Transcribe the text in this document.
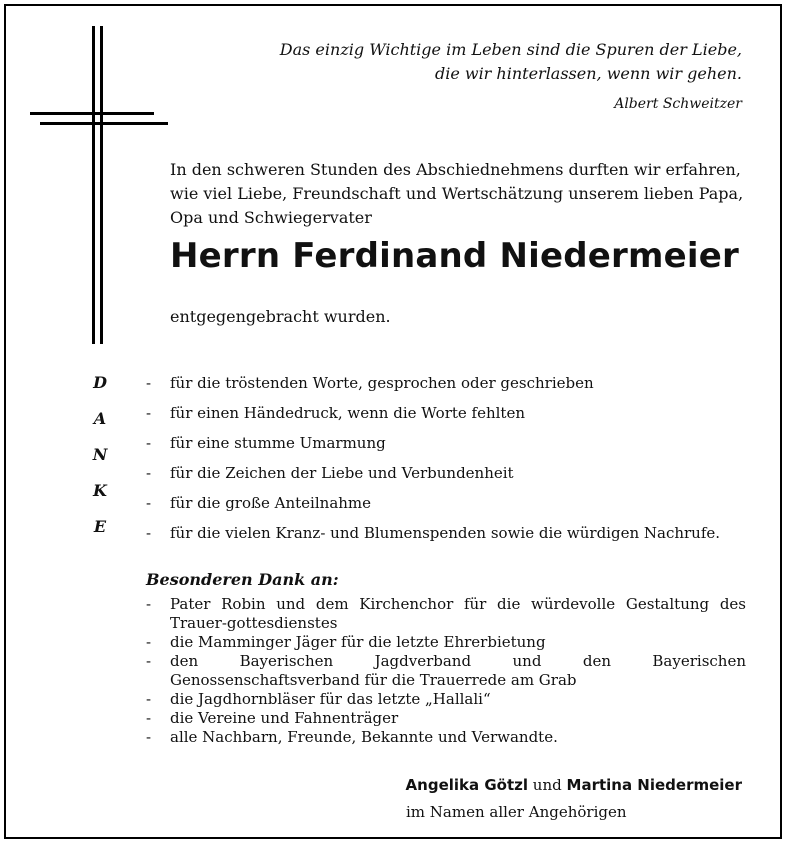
Das einzig Wichtige im Leben sind die Spuren der Liebe,
die wir hinterlassen, wenn wir gehen.
Albert Schweitzer
In den schweren Stunden des Abschiednehmens durften wir erfahren,
wie viel Liebe, Freundschaft und Wertschätzung unserem lieben Papa,
Opa und Schwiegervater
Herrn Ferdinand Niedermeier
entgegengebracht wurden.
D
A
N
K
E
-	für die tröstenden Worte, gesprochen oder geschrieben
-	für einen Händedruck, wenn die Worte fehlten
-	für eine stumme Umarmung
-	für die Zeichen der Liebe und Verbundenheit
-	für die große Anteilnahme
-	für die vielen Kranz- und Blumenspenden sowie die würdigen Nachrufe.
Besonderen Dank an:
-	Pater Robin und dem Kirchenchor für die würdevolle Gestaltung des Trauer-gottesdienstes
-	die Mamminger Jäger für die letzte Ehrerbietung
-	den Bayerischen Jagdverband und den Bayerischen Genossenschaftsverband für die Trauerrede am Grab
-	die Jagdhornbläser für das letzte „Hallali“
-	die Vereine und Fahnenträger
-	alle Nachbarn, Freunde, Bekannte und Verwandte.
Angelika Götzl und Martina Niedermeier
im Namen aller Angehörigen
